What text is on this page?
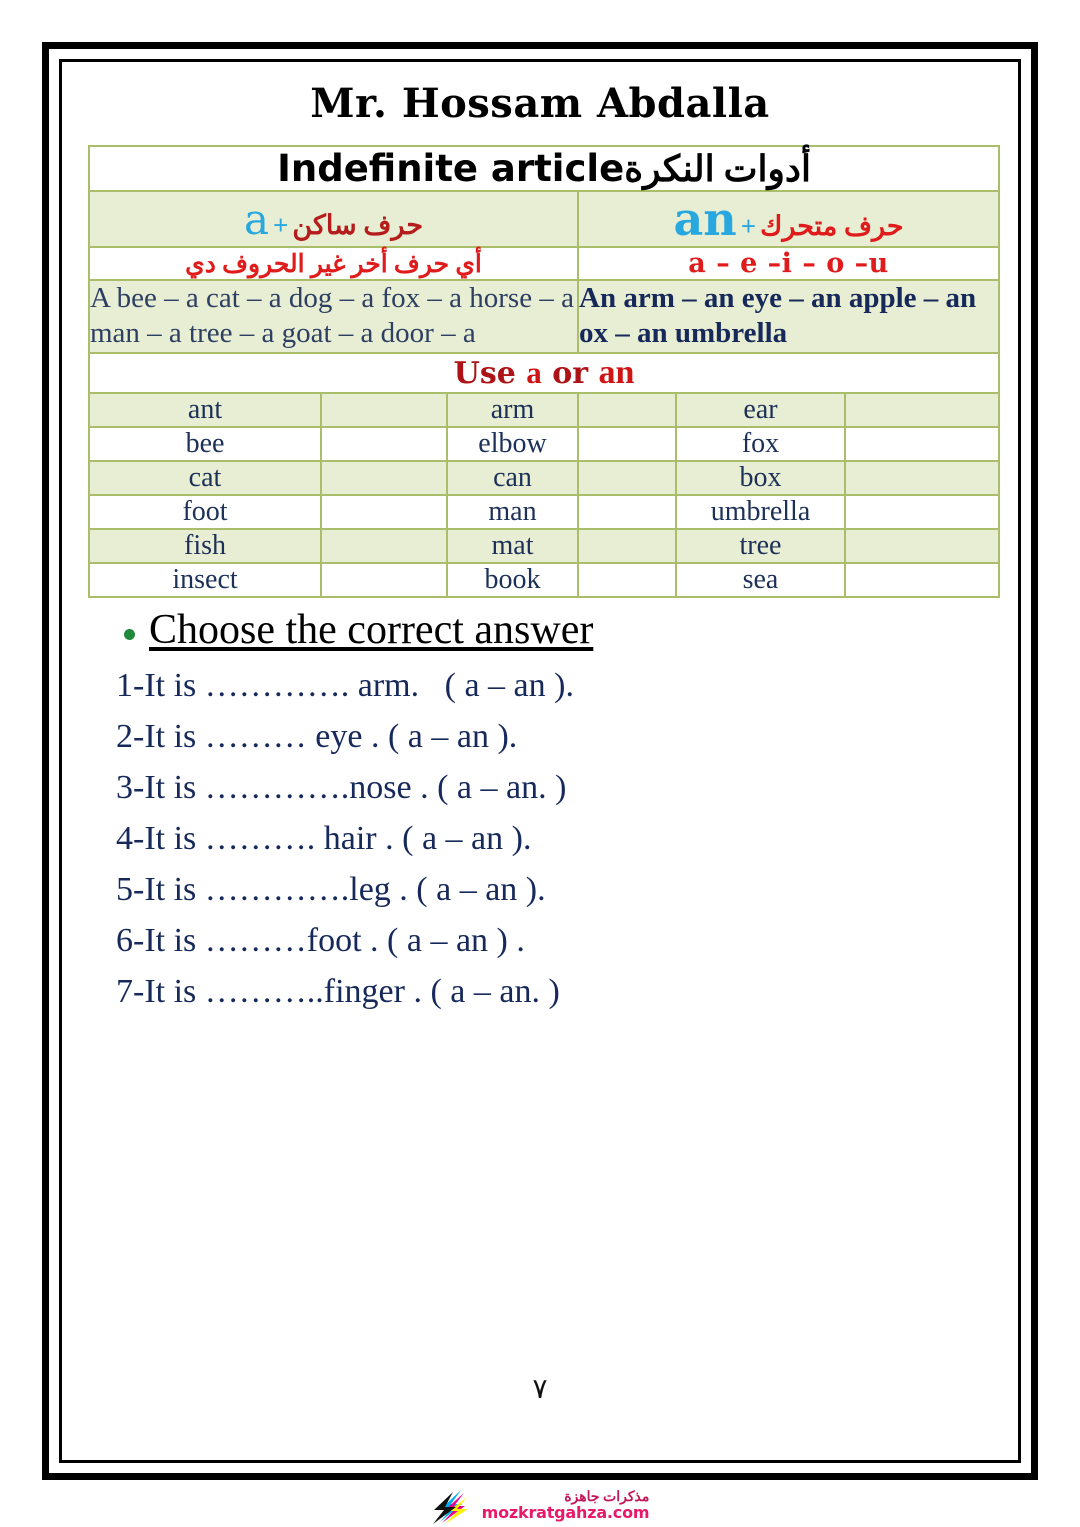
Mr. Hossam Abdalla
Indefinite articleأدوات النكرة					
حرف ساكن+a			حرف متحرك+an		
أي حرف أخر غير الحروف دي			a – e –i – o –u		
A bee – a cat – a dog – a fox – a horse – a man – a tree – a goat – a door – a			An arm – an eye – an apple – an ox – an umbrella		
Use a or an					
ant		arm		ear	
bee		elbow		fox	
cat		can		box	
foot		man		umbrella	
fish		mat		tree	
insect		book		sea	
Choose the correct answer
1-It is …………. arm.   ( a – an ).
2-It is ……… eye . ( a – an ).
3-It is ………….nose . ( a – an. )
4-It is ………. hair . ( a – an ).
5-It is ………….leg . ( a – an ).
6-It is ………foot . ( a – an ) .
7-It is ………..finger . ( a – an. )
٧
مذكرات جاهزة
mozkratgahza.com
